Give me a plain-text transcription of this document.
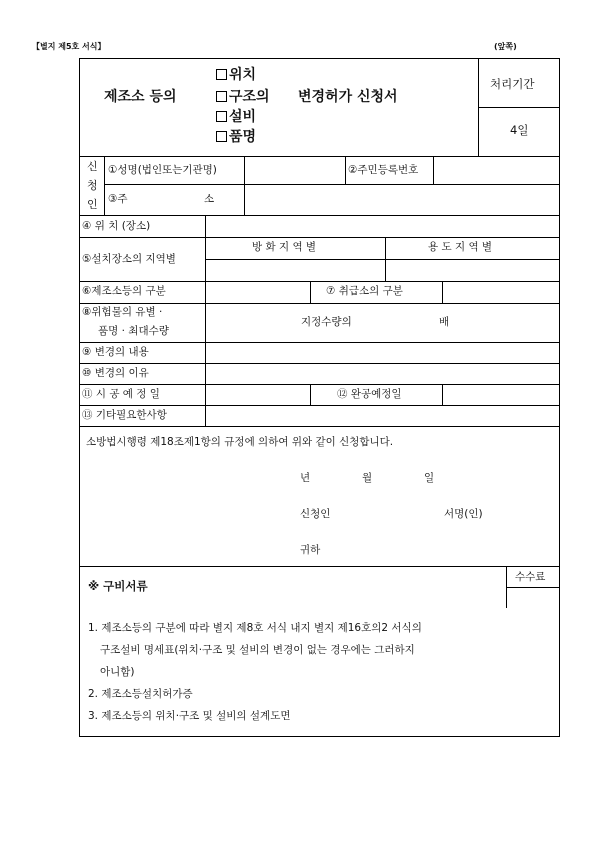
【별지 제5호 서식】	(앞쪽)
제조소 등의
위치
구조의
설비
품명
변경허가 신청서
처리기간
4일
신
청
인
①성명(법인또는기관명)	②주민등록번호
③주	소
④ 위 치 (장소)
⑤설치장소의 지역별
방 화 지 역 별	용 도 지 역 별
⑥제조소등의 구분	⑦ 취급소의 구분
⑧위험물의 유별 ·
품명 · 최대수량
지정수량의	배
⑨ 변경의 내용
⑩ 변경의 이유
⑪ 시 공 예 정 일	⑫ 완공예정일
⑬ 기타필요한사항
소방법시행령 제18조제1항의 규정에 의하여 위와 같이 신청합니다.
년	월	일
신청인	서명(인)
귀하
수수료
※ 구비서류
1. 제조소등의 구분에 따라 별지 제8호 서식 내지 별지 제16호의2 서식의
구조설비 명세표(위치·구조 및 설비의 변경이 없는 경우에는 그러하지
아니함)
2. 제조소등설치허가증
3. 제조소등의 위치·구조 및 설비의 설계도면
